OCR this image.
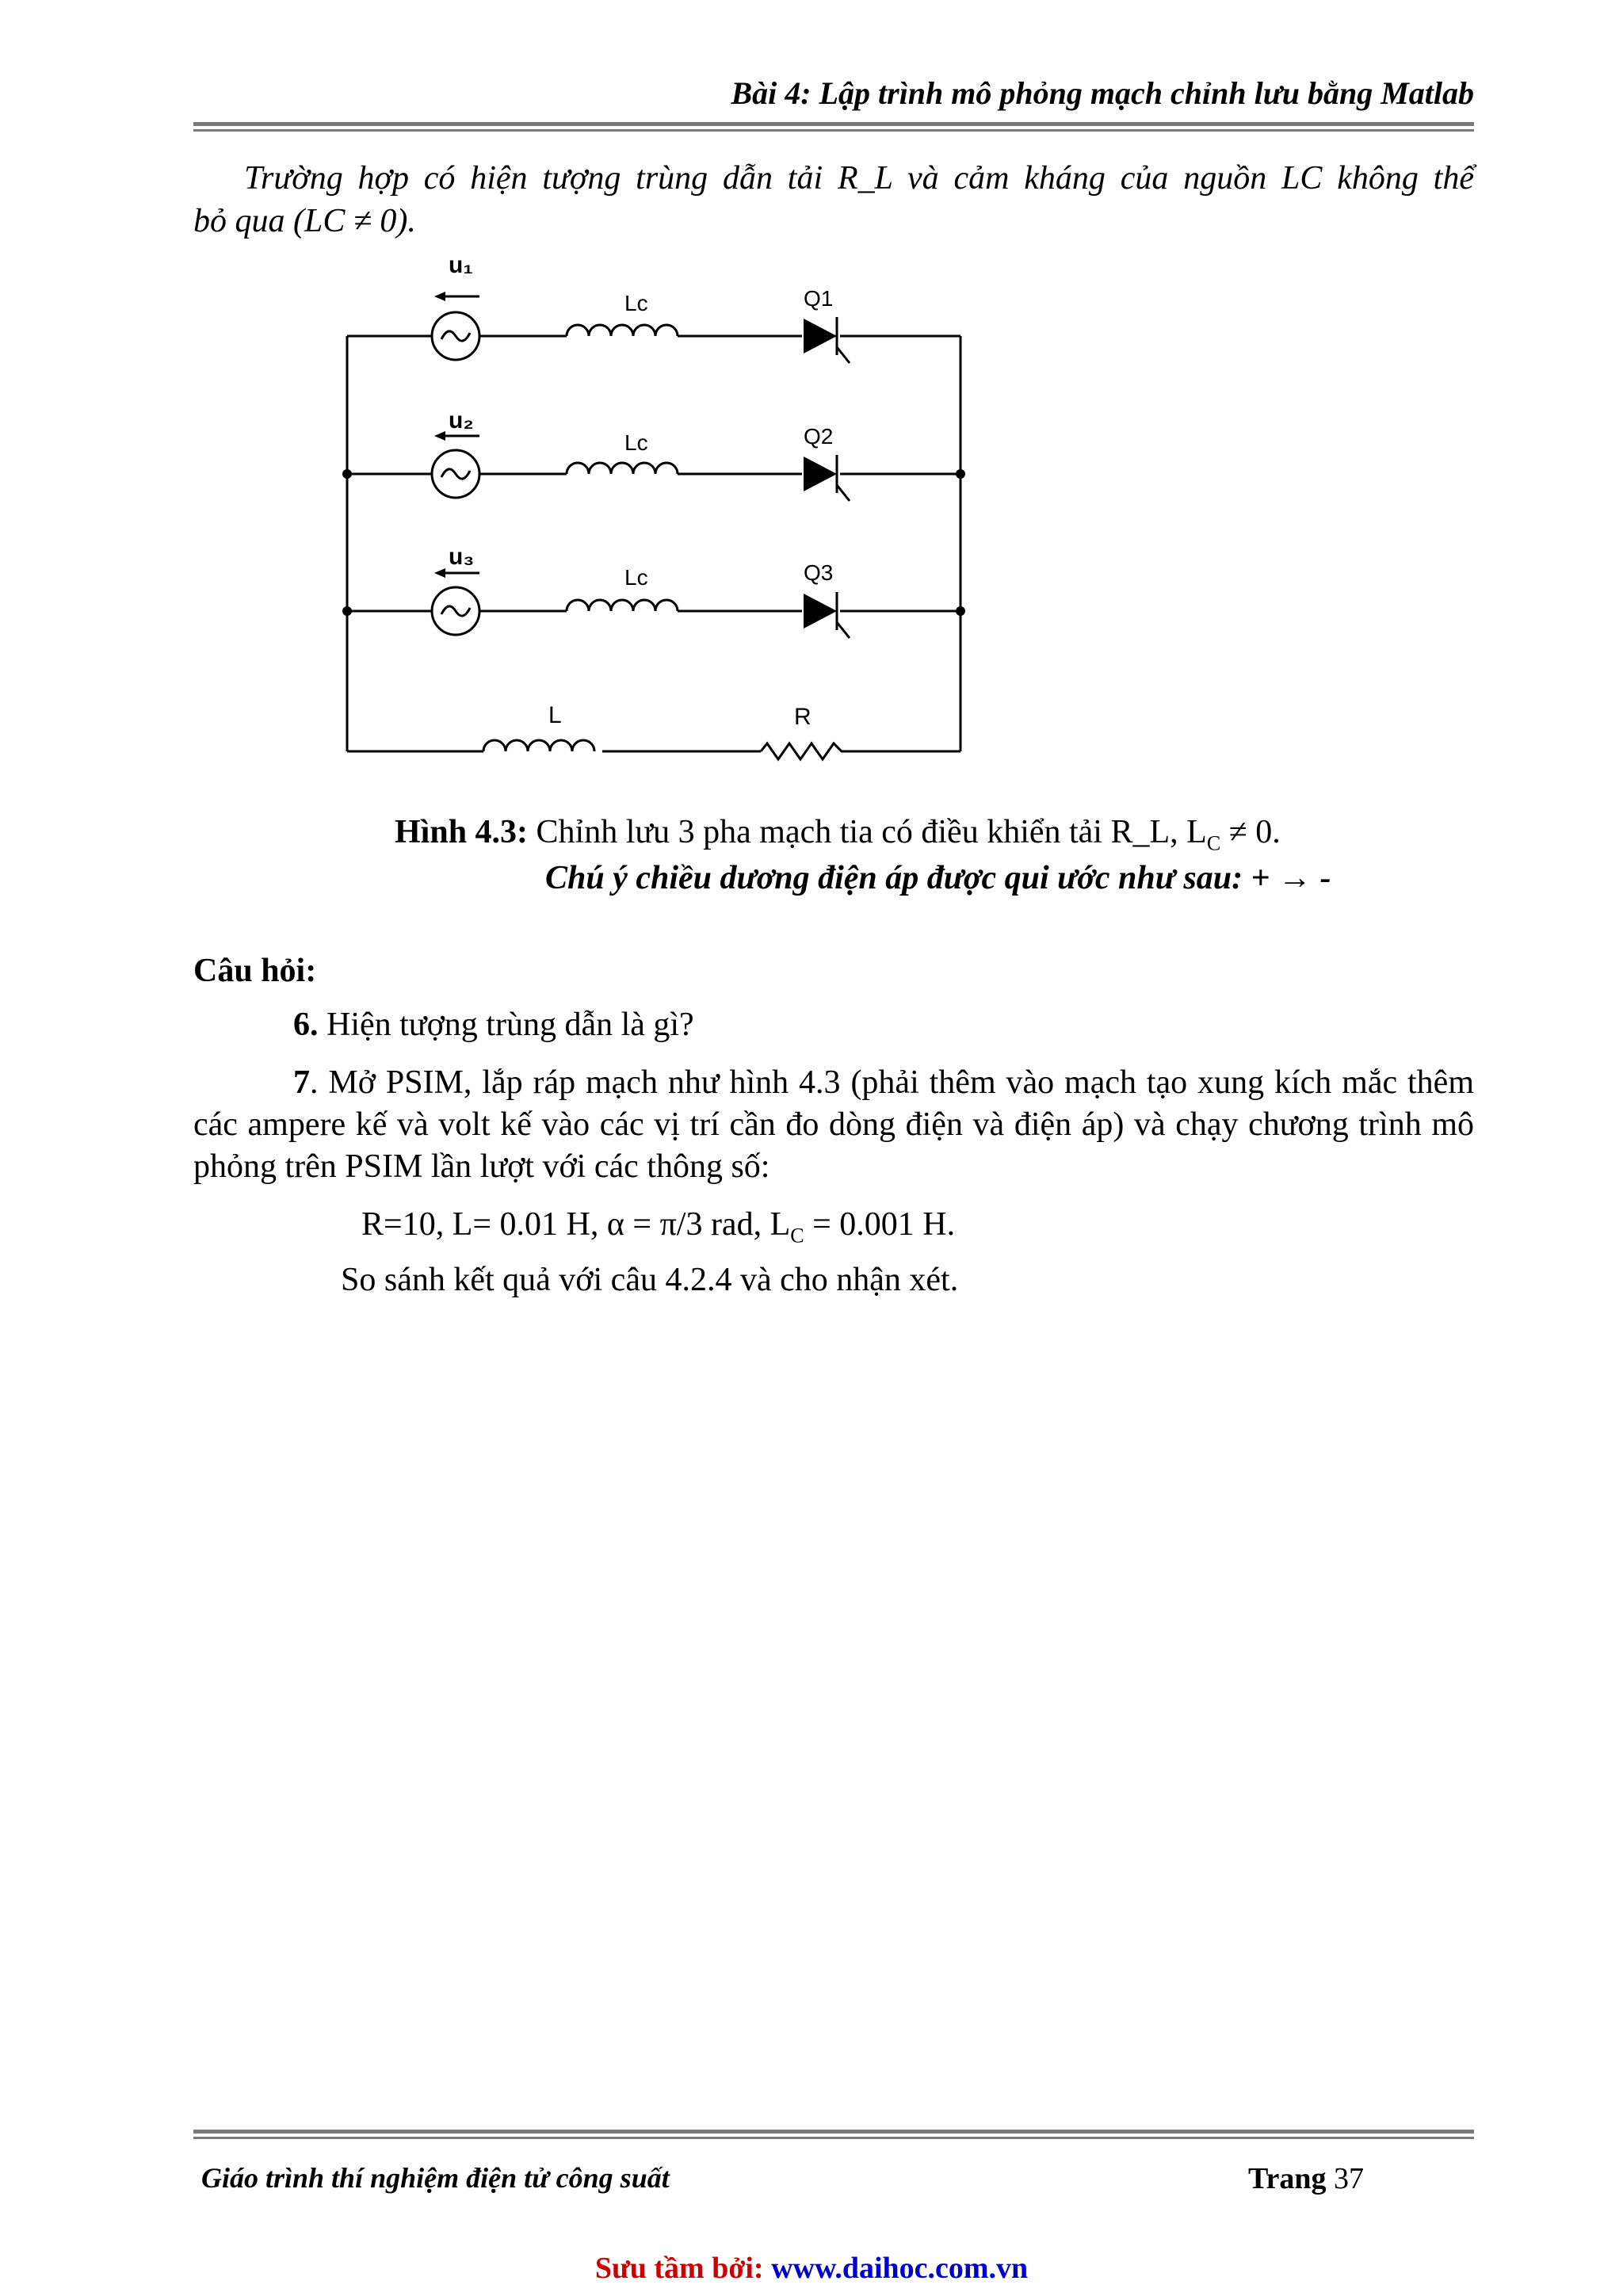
Bài 4: Lập trình mô phỏng mạch chỉnh lưu bằng Matlab
Trường hợp có hiện tượng trùng dẫn tải R_L và cảm kháng của nguồn LC không thể
bỏ qua (LC ≠ 0).
u₁
Lc	Q1
u₂
Lc	Q2
u₃
Lc	Q3
L	R
Hình 4.3: Chỉnh lưu 3 pha mạch tia có điều khiển tải R_L, $L_C \ne 0$.
Chú ý chiều dương điện áp được qui ước như sau: + → -
Câu hỏi:
6. Hiện tượng trùng dẫn là gì?
7. Mở PSIM, lắp ráp mạch như hình 4.3 (phải thêm vào mạch tạo xung kích mắc thêm các ampere kế và volt kế vào các vị trí cần đo dòng điện và điện áp) và chạy chương trình mô phỏng trên PSIM lần lượt với các thông số:
R=10, L= 0.01 H, α = π/3 rad, $L_C = 0.001$ H.
So sánh kết quả với câu 4.2.4 và cho nhận xét.
Giáo trình thí nghiệm điện tử công suất	Trang 37
Sưu tầm bởi: www.daihoc.com.vn
